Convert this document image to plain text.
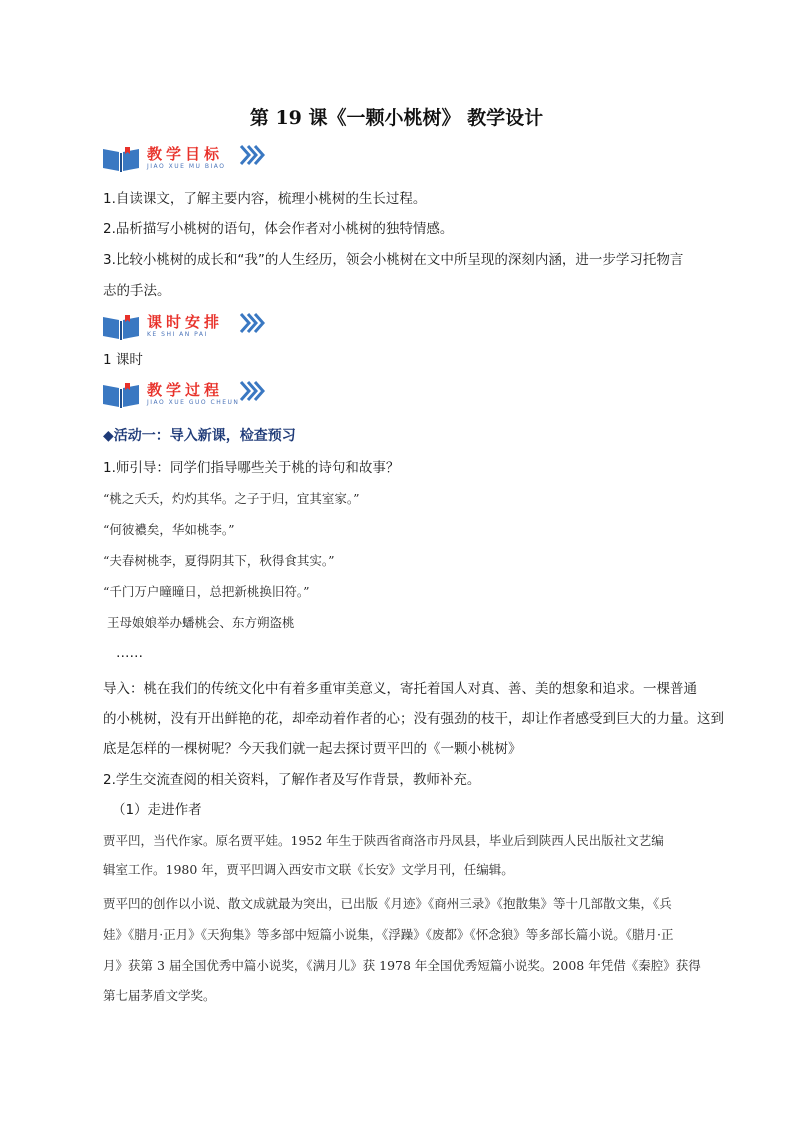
第 19 课《一颗小桃树》 教学设计
教学目标
JIAO XUE MU BIAO
1.自读课文，了解主要内容，梳理小桃树的生长过程。
2.品析描写小桃树的语句，体会作者对小桃树的独特情感。
3.比较小桃树的成长和“我”的人生经历，领会小桃树在文中所呈现的深刻内涵，进一步学习托物言
志的手法。
课时安排
KE SHI AN PAI
1 课时
教学过程
JIAO XUE GUO CHEUN
◆活动一：导入新课，检查预习
1.师引导：同学们指导哪些关于桃的诗句和故事？
“桃之夭夭，灼灼其华。之子于归，宜其室家。”
“何彼襛矣，华如桃李。”
“夫春树桃李，夏得阴其下，秋得食其实。”
“千门万户曈曈日，总把新桃换旧符。”
王母娘娘举办蟠桃会、东方朔盗桃
……
导入：桃在我们的传统文化中有着多重审美意义，寄托着国人对真、善、美的想象和追求。一棵普通
的小桃树，没有开出鲜艳的花，却牵动着作者的心；没有强劲的枝干，却让作者感受到巨大的力量。这到
底是怎样的一棵树呢？今天我们就一起去探讨贾平凹的《一颗小桃树》
2.学生交流查阅的相关资料，了解作者及写作背景，教师补充。
（1）走进作者
贾平凹，当代作家。原名贾平娃。1952 年生于陕西省商洛市丹凤县，毕业后到陕西人民出版社文艺编
辑室工作。1980 年，贾平凹调入西安市文联《长安》文学月刊，任编辑。
贾平凹的创作以小说、散文成就最为突出，已出版《月迹》《商州三录》《抱散集》等十几部散文集，《兵
娃》《腊月·正月》《天狗集》等多部中短篇小说集，《浮躁》《废都》《怀念狼》等多部长篇小说。《腊月·正
月》获第 3 届全国优秀中篇小说奖，《满月儿》获 1978 年全国优秀短篇小说奖。2008 年凭借《秦腔》获得
第七届茅盾文学奖。
